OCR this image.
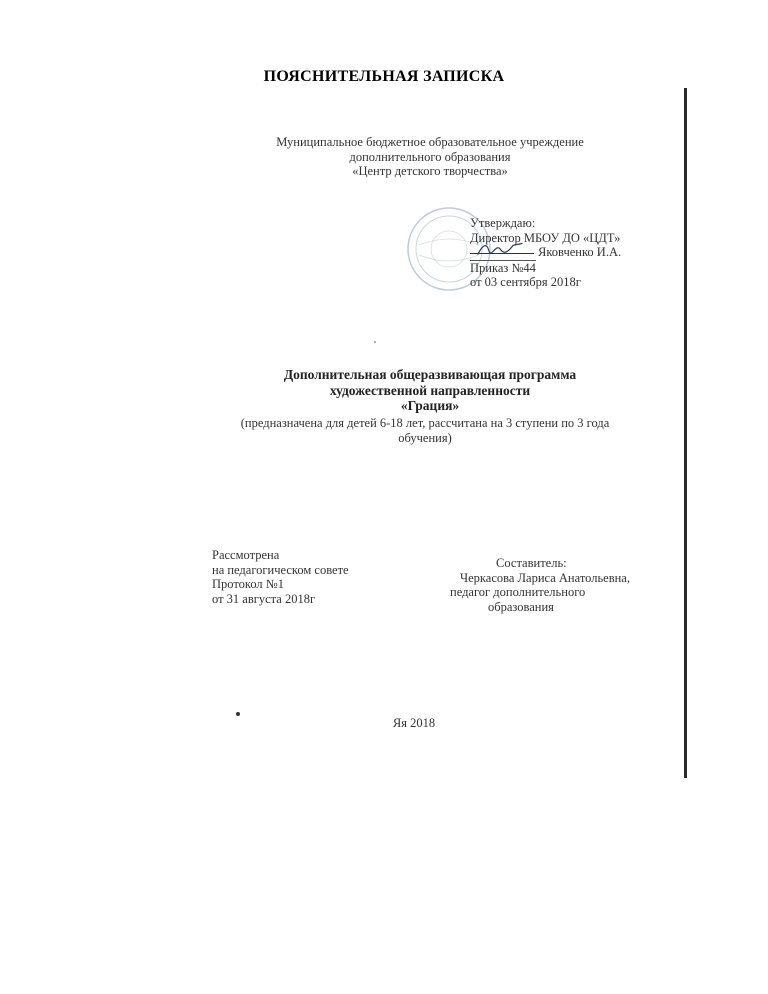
ПОЯСНИТЕЛЬНАЯ ЗАПИСКА
Муниципальное бюджетное образовательное учреждение
дополнительного образования
«Центр детского творчества»
Утверждаю:
Директор МБОУ ДО «ЦДТ»
Яковченко И.А.
Приказ №44
от 03 сентября 2018г
Дополнительная общеразвивающая программа
художественной направленности
«Грация»
(предназначена для детей 6-18 лет, рассчитана на 3 ступени по 3 года
обучения)
Рассмотрена
на педагогическом совете
Протокол №1
от 31 августа 2018г
Составитель:
Черкасова Лариса Анатольевна,
педагог дополнительного
образования
Яя 2018
